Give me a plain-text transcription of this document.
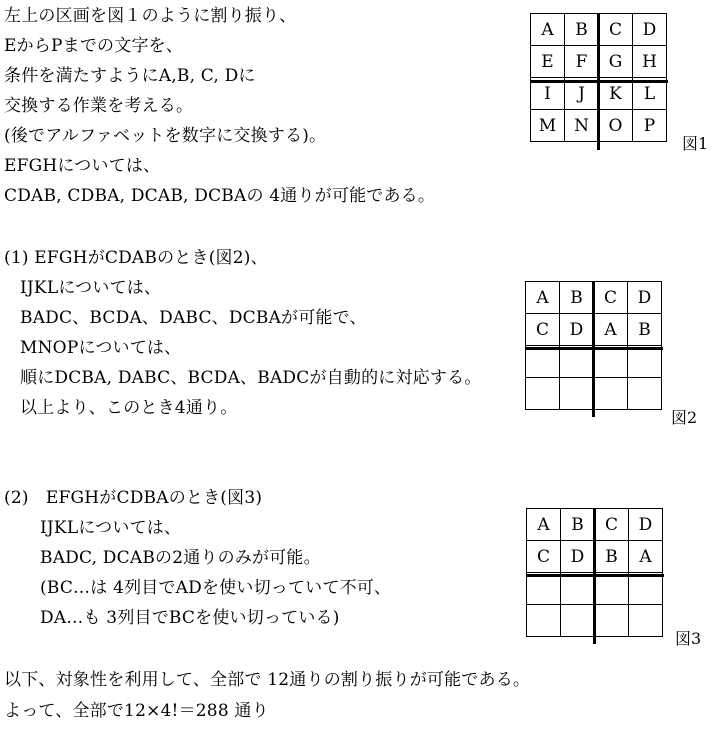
左上の区画を図１のように割り振り、
EからPまでの文字を、
条件を満たすようにA,B, C, Dに
交換する作業を考える。
(後でアルファベットを数字に交換する)。
EFGHについては、
CDAB, CDBA, DCAB, DCBAの 4通りが可能である。
A	B	C	D
E	F	G	H
I	J	K	L
M	N	O	P
図1
(1) EFGHがCDABのとき(図2)、
IJKLについては、
BADC、BCDA、DABC、DCBAが可能で、
MNOPについては、
順にDCBA, DABC、BCDA、BADCが自動的に対応する。
以上より、このとき4通り。
A	B	C	D
C	D	A	B
図2
(2)　EFGHがCDBAのとき(図3)
IJKLについては、
BADC, DCABの2通りのみが可能。
(BC…は 4列目でADを使い切っていて不可、
DA…も 3列目でBCを使い切っている)
A	B	C	D
C	D	B	A
図3
以下、対象性を利用して、全部で 12通りの割り振りが可能である。
よって、全部で12×4!＝288 通り
